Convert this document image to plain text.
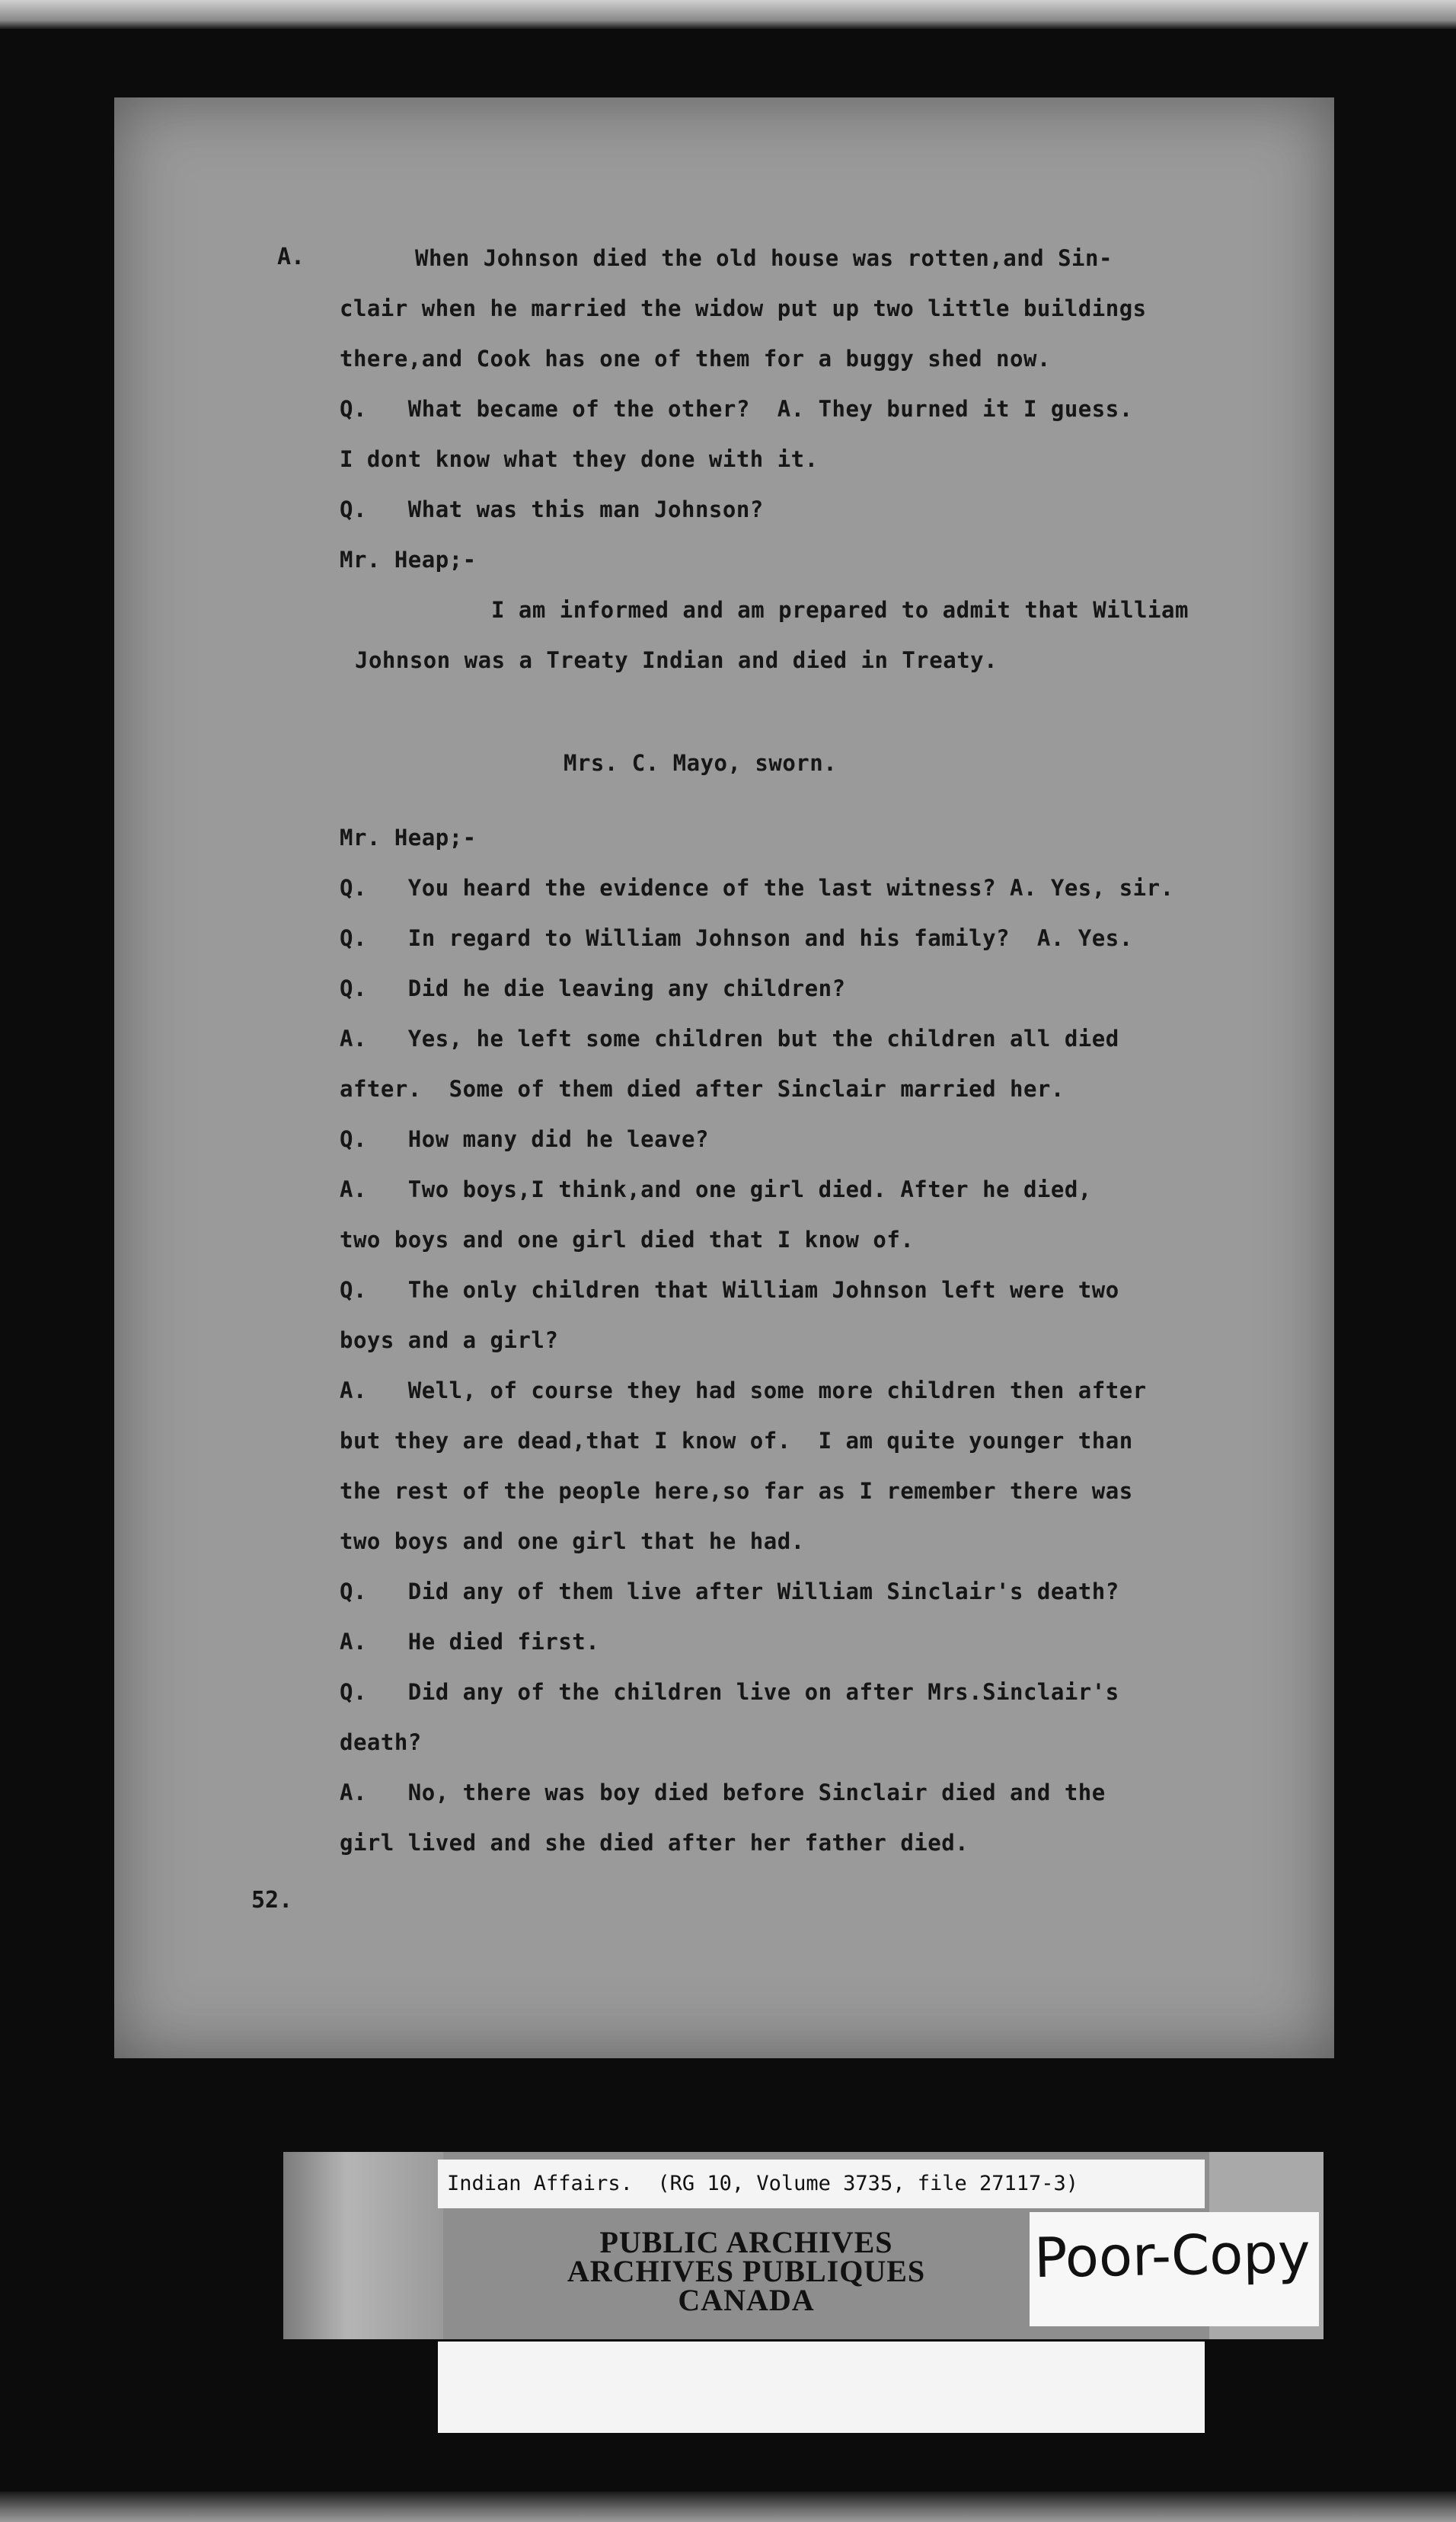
A.	When Johnson died the old house was rotten,and Sin-
clair when he married the widow put up two little buildings
there,and Cook has one of them for a buggy shed now.
Q.   What became of the other?  A. They burned it I guess.
I dont know what they done with it.
Q.   What was this man Johnson?
Mr. Heap;-
I am informed and am prepared to admit that William
Johnson was a Treaty Indian and died in Treaty.
Mrs. C. Mayo, sworn.
Mr. Heap;-
Q.   You heard the evidence of the last witness? A. Yes, sir.
Q.   In regard to William Johnson and his family?  A. Yes.
Q.   Did he die leaving any children?
A.   Yes, he left some children but the children all died
after.  Some of them died after Sinclair married her.
Q.   How many did he leave?
A.   Two boys,I think,and one girl died. After he died,
two boys and one girl died that I know of.
Q.   The only children that William Johnson left were two
boys and a girl?
A.   Well, of course they had some more children then after
but they are dead,that I know of.  I am quite younger than
the rest of the people here,so far as I remember there was
two boys and one girl that he had.
Q.   Did any of them live after William Sinclair's death?
A.   He died first.
Q.   Did any of the children live on after Mrs.Sinclair's
death?
A.   No, there was boy died before Sinclair died and the
girl lived and she died after her father died.
52.
Indian Affairs.  (RG 10, Volume 3735, file 27117-3)
PUBLIC ARCHIVES
ARCHIVES PUBLIQUES
CANADA
Poor-Copy
